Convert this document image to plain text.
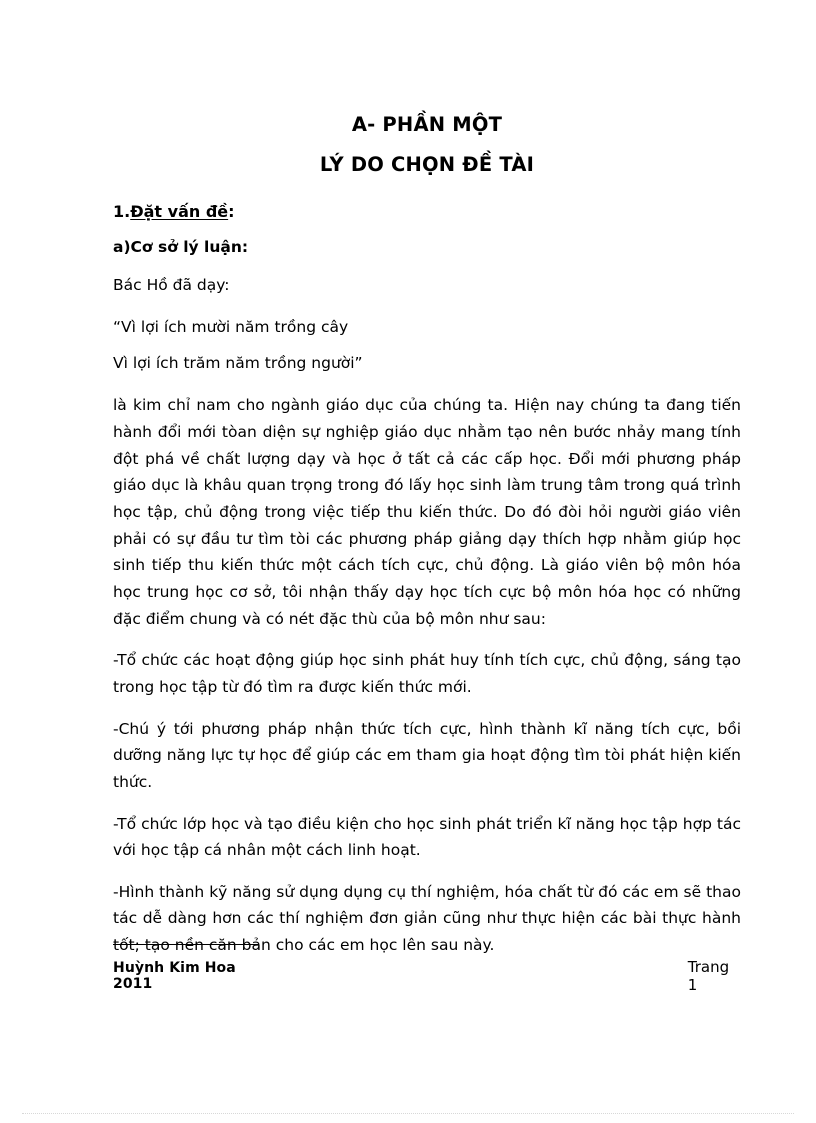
A- PHẦN MỘT
LÝ DO CHỌN ĐỀ TÀI
1.Đặt vấn đề:
a)Cơ sở lý luận:

Bác Hồ đã dạy:

“Vì lợi ích mười năm trồng cây

Vì lợi ích trăm năm trồng người”

là kim chỉ nam cho ngành giáo dục của chúng ta. Hiện nay chúng ta đang tiến hành đổi mới tòan diện sự nghiệp giáo dục nhằm tạo nên bước nhảy mang tính đột phá về chất lượng dạy và học ở tất cả các cấp học. Đổi mới phương pháp giáo dục là khâu quan trọng trong đó lấy học sinh làm trung tâm trong quá trình học tập, chủ động trong việc tiếp thu kiến thức. Do đó đòi hỏi người giáo viên phải có sự đầu tư tìm tòi các phương pháp giảng dạy thích hợp nhằm giúp học sinh tiếp thu kiến thức một cách tích cực, chủ động. Là giáo viên bộ môn hóa học trung học cơ sở, tôi nhận thấy dạy học tích cực bộ môn hóa học có những đặc điểm chung và có nét đặc thù của bộ môn như sau:

-Tổ chức các hoạt động giúp học sinh phát huy tính tích cực, chủ động, sáng tạo trong học tập từ đó tìm ra được kiến thức mới.

-Chú ý tới phương pháp nhận thức tích cực, hình thành kĩ năng tích cực, bồi dưỡng năng lực tự học để giúp các em tham gia hoạt động tìm tòi phát hiện kiến thức.

-Tổ chức lớp học và tạo điều kiện cho học sinh phát triển kĩ năng học tập hợp tác với học tập cá nhân một cách linh hoạt.

-Hình thành kỹ năng sử dụng dụng cụ thí nghiệm, hóa chất từ đó các em sẽ thao tác dễ dàng hơn các thí nghiệm đơn giản cũng như thực hiện các bài thực hành tốt; tạo nền căn bản cho các em học lên sau này.

Huỳnh Kim Hoa 2011
Trang 1
